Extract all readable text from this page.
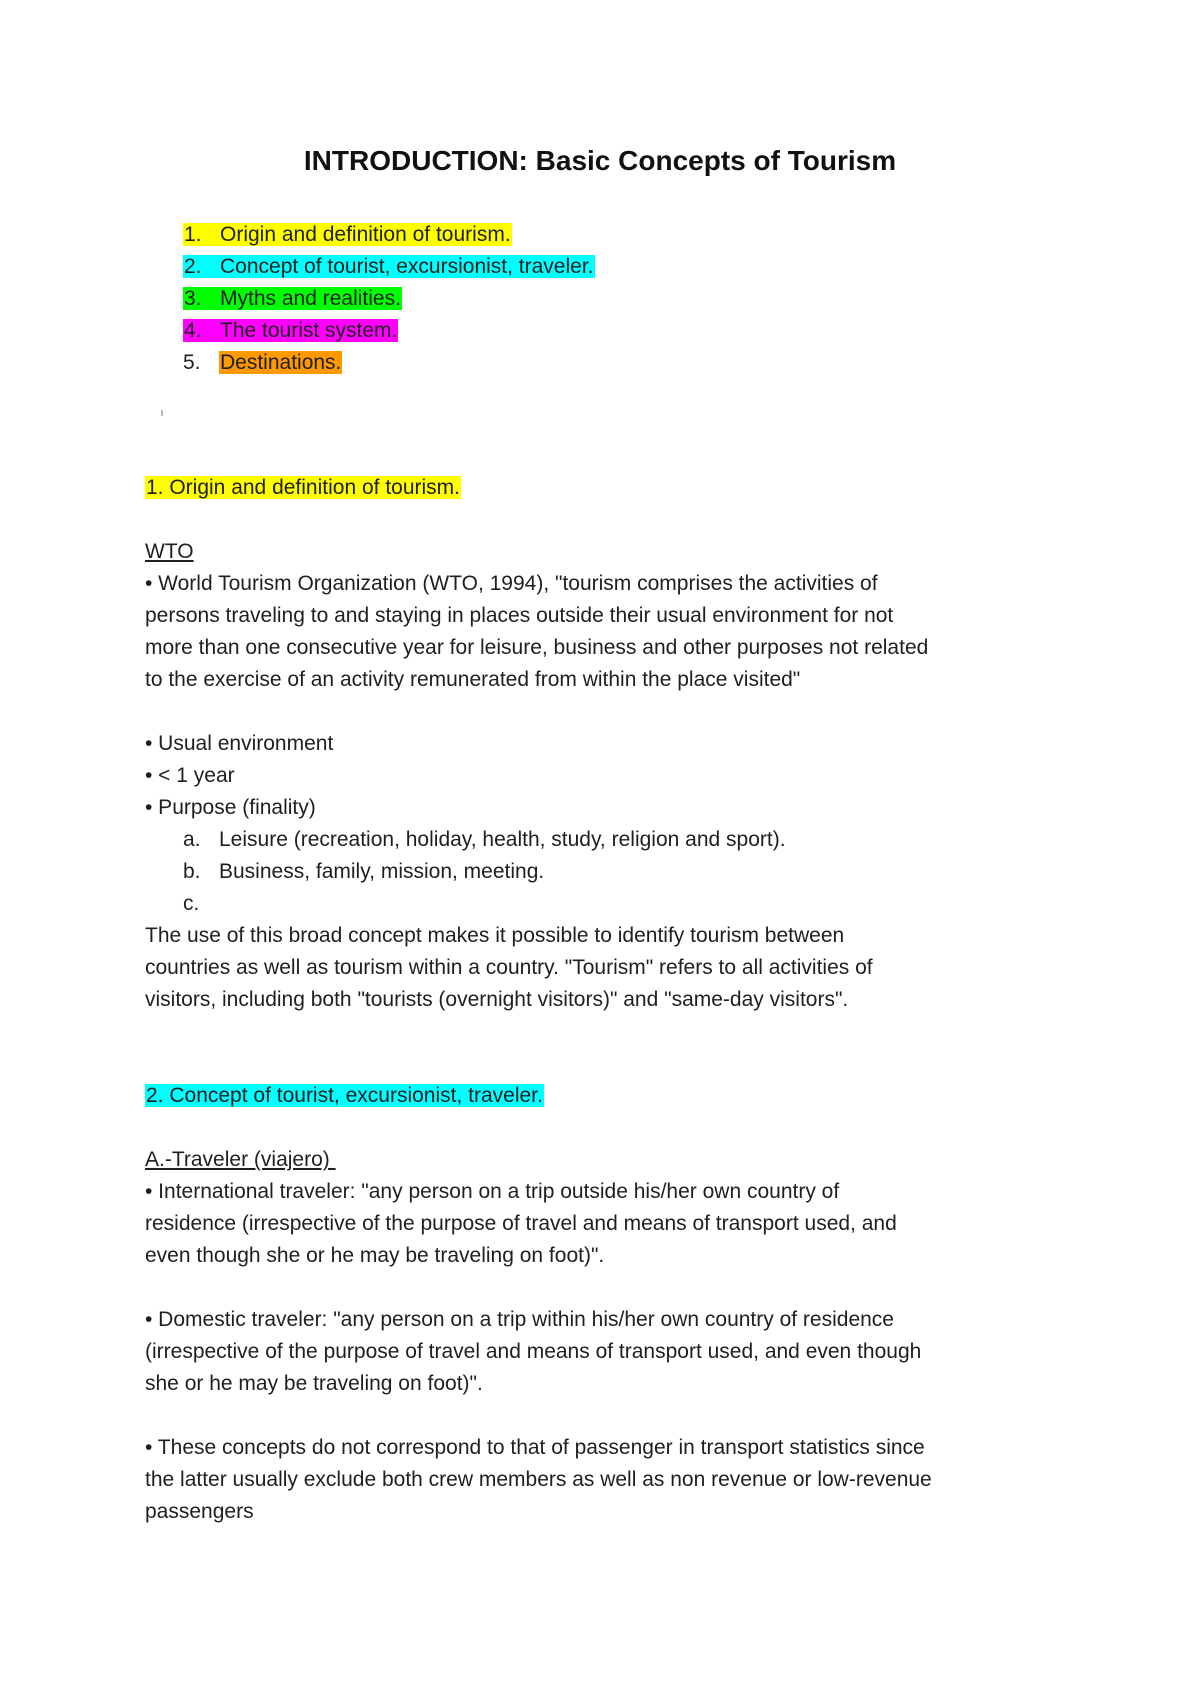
INTRODUCTION: Basic Concepts of Tourism
1. Origin and definition of tourism.
2. Concept of tourist, excursionist, traveler.
3. Myths and realities.
4. The tourist system.
5. Destinations.
1. Origin and definition of tourism.
WTO
• World Tourism Organization (WTO, 1994), "tourism comprises the activities of
persons traveling to and staying in places outside their usual environment for not
more than one consecutive year for leisure, business and other purposes not related
to the exercise of an activity remunerated from within the place visited"
• Usual environment
• < 1 year
• Purpose (finality)
a. Leisure (recreation, holiday, health, study, religion and sport).
b. Business, family, mission, meeting.
c.
The use of this broad concept makes it possible to identify tourism between
countries as well as tourism within a country. "Tourism" refers to all activities of
visitors, including both "tourists (overnight visitors)" and "same-day visitors".
2. Concept of tourist, excursionist, traveler.
A.-Traveler (viajero)
• International traveler: "any person on a trip outside his/her own country of
residence (irrespective of the purpose of travel and means of transport used, and
even though she or he may be traveling on foot)".
• Domestic traveler: "any person on a trip within his/her own country of residence
(irrespective of the purpose of travel and means of transport used, and even though
she or he may be traveling on foot)".
• These concepts do not correspond to that of passenger in transport statistics since
the latter usually exclude both crew members as well as non revenue or low-revenue
passengers
